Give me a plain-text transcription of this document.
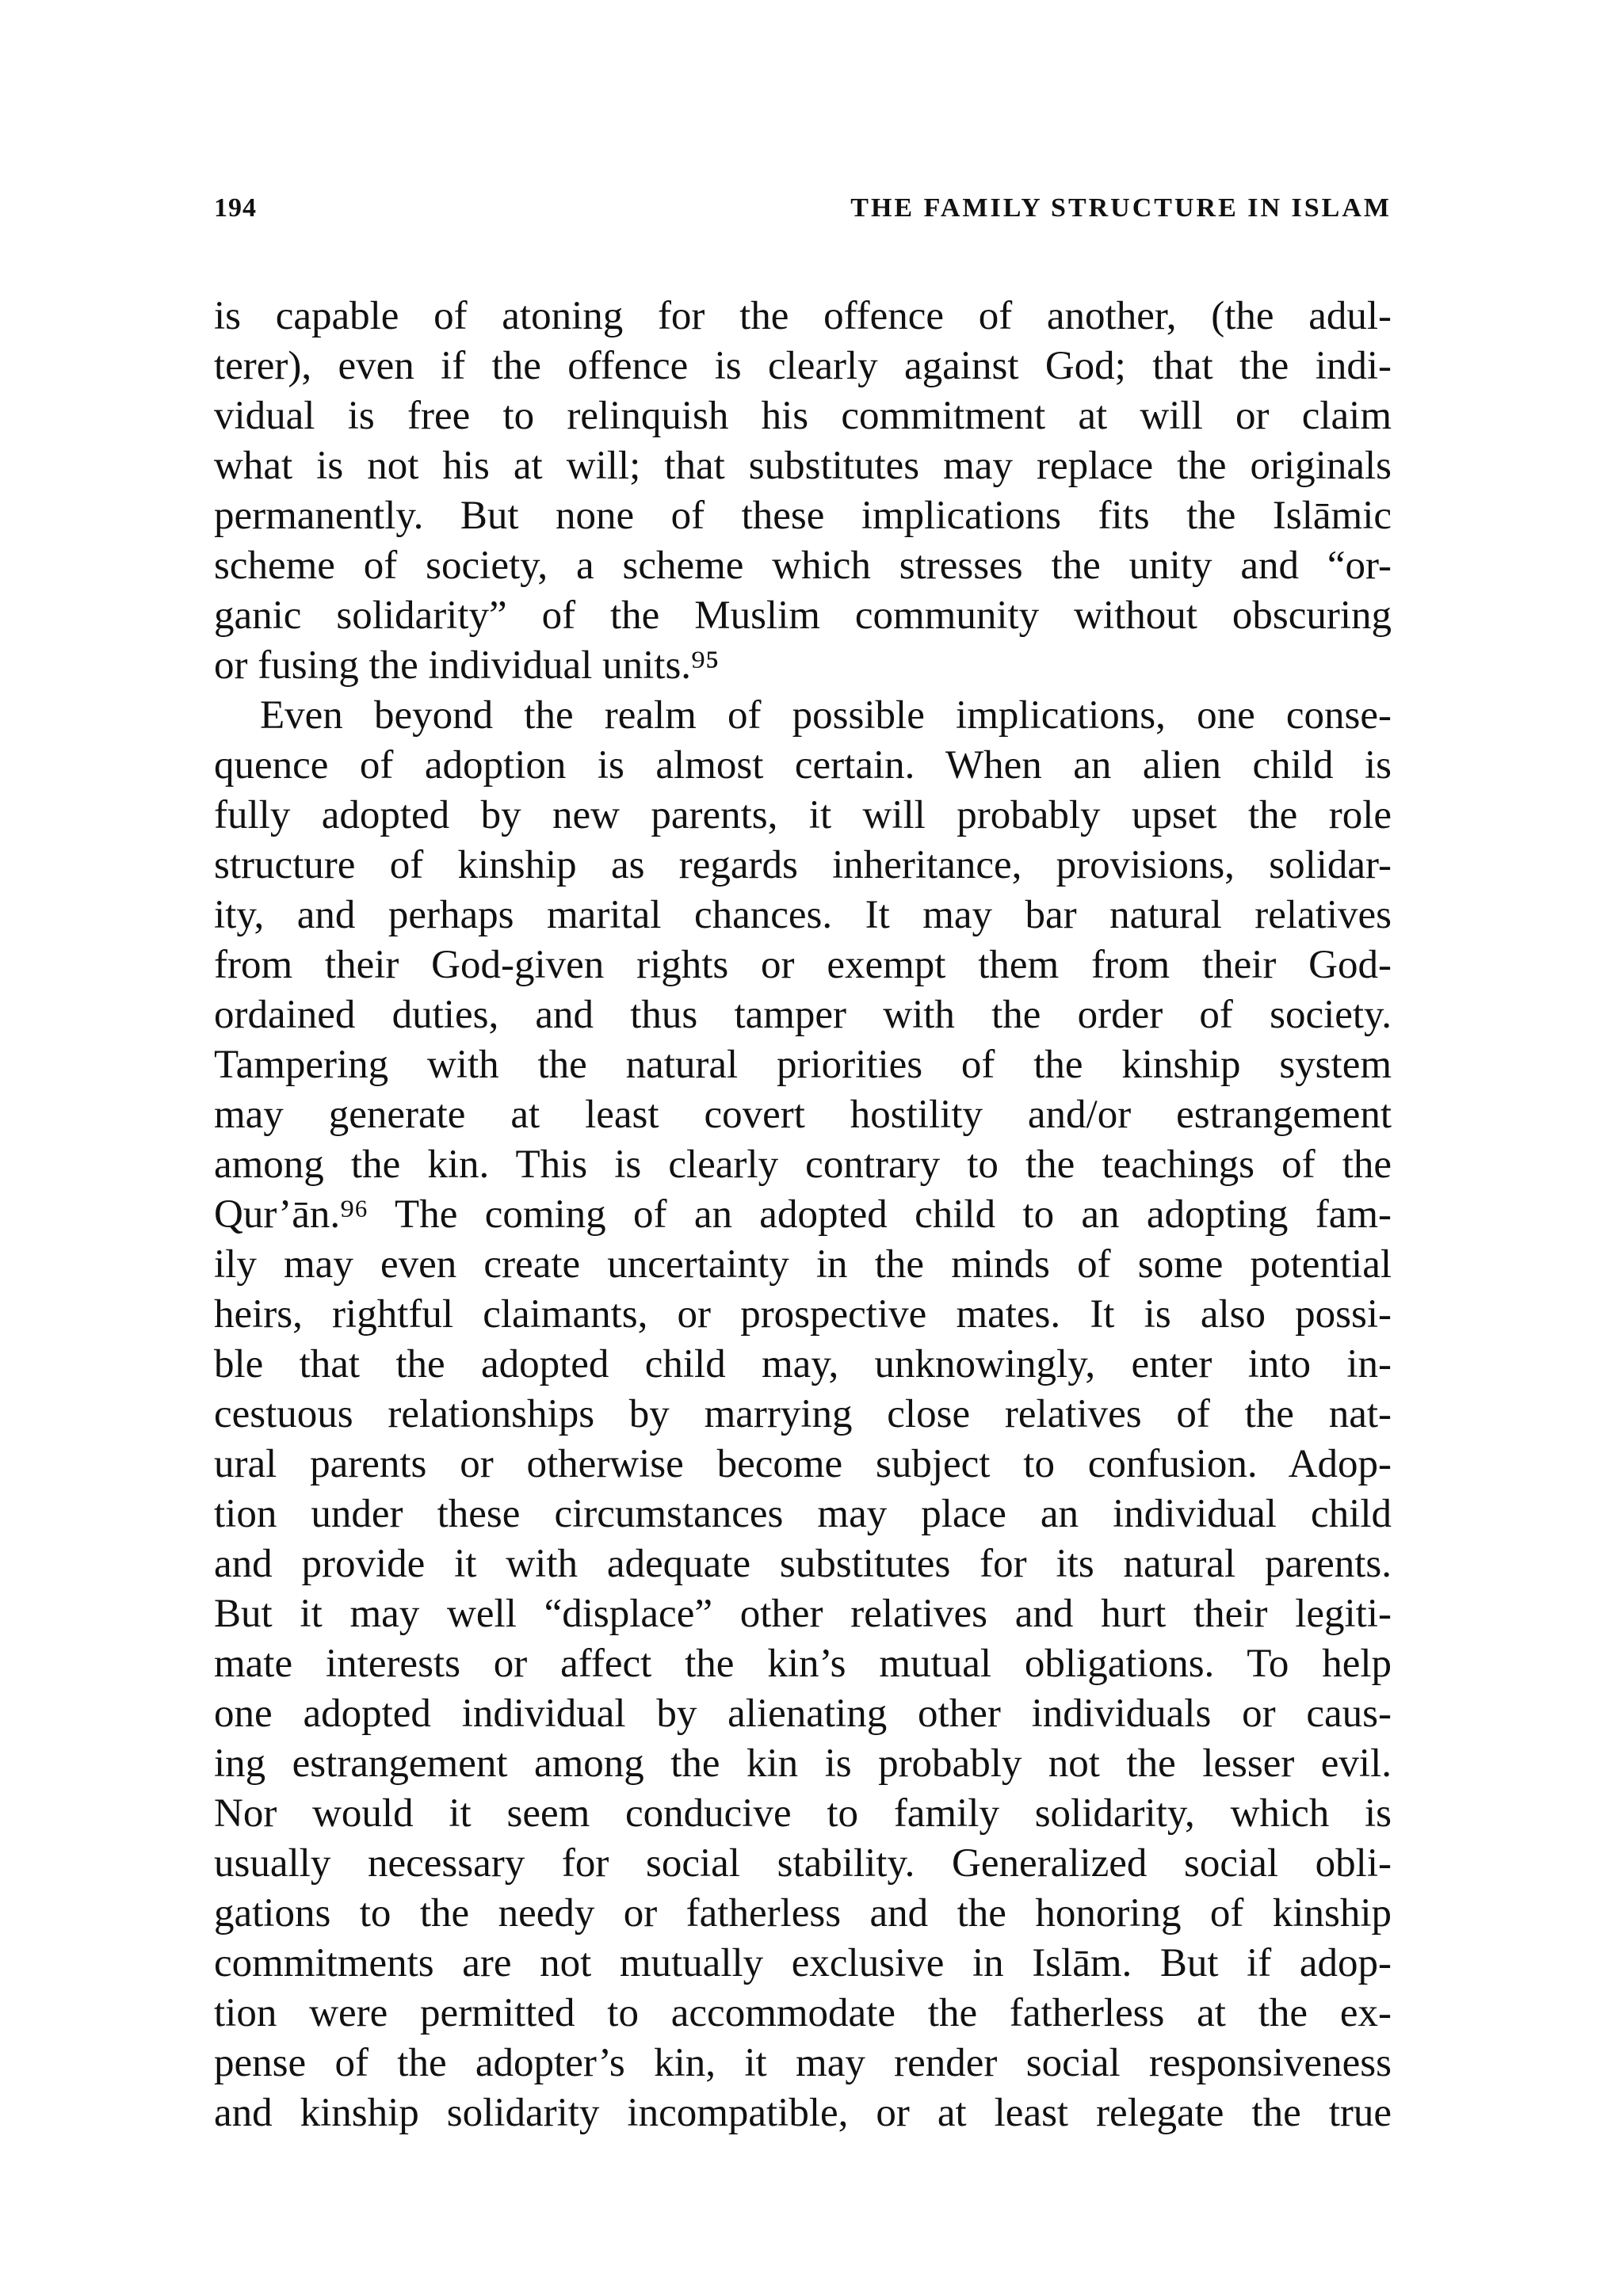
194	THE FAMILY STRUCTURE IN ISLAM
is capable of atoning for the offence of another, (the adul-
terer), even if the offence is clearly against God; that the indi-
vidual is free to relinquish his commitment at will or claim
what is not his at will; that substitutes may replace the originals
permanently. But none of these implications fits the Islāmic
scheme of society, a scheme which stresses the unity and “or-
ganic solidarity” of the Muslim community without obscuring
or fusing the individual units.⁹⁵
Even beyond the realm of possible implications, one conse-
quence of adoption is almost certain. When an alien child is
fully adopted by new parents, it will probably upset the role
structure of kinship as regards inheritance, provisions, solidar-
ity, and perhaps marital chances. It may bar natural relatives
from their God-given rights or exempt them from their God-
ordained duties, and thus tamper with the order of society.
Tampering with the natural priorities of the kinship system
may generate at least covert hostility and/or estrangement
among the kin. This is clearly contrary to the teachings of the
Qur’ān.⁹⁶ The coming of an adopted child to an adopting fam-
ily may even create uncertainty in the minds of some potential
heirs, rightful claimants, or prospective mates. It is also possi-
ble that the adopted child may, unknowingly, enter into in-
cestuous relationships by marrying close relatives of the nat-
ural parents or otherwise become subject to confusion. Adop-
tion under these circumstances may place an individual child
and provide it with adequate substitutes for its natural parents.
But it may well “displace” other relatives and hurt their legiti-
mate interests or affect the kin’s mutual obligations. To help
one adopted individual by alienating other individuals or caus-
ing estrangement among the kin is probably not the lesser evil.
Nor would it seem conducive to family solidarity, which is
usually necessary for social stability. Generalized social obli-
gations to the needy or fatherless and the honoring of kinship
commitments are not mutually exclusive in Islām. But if adop-
tion were permitted to accommodate the fatherless at the ex-
pense of the adopter’s kin, it may render social responsiveness
and kinship solidarity incompatible, or at least relegate the true
